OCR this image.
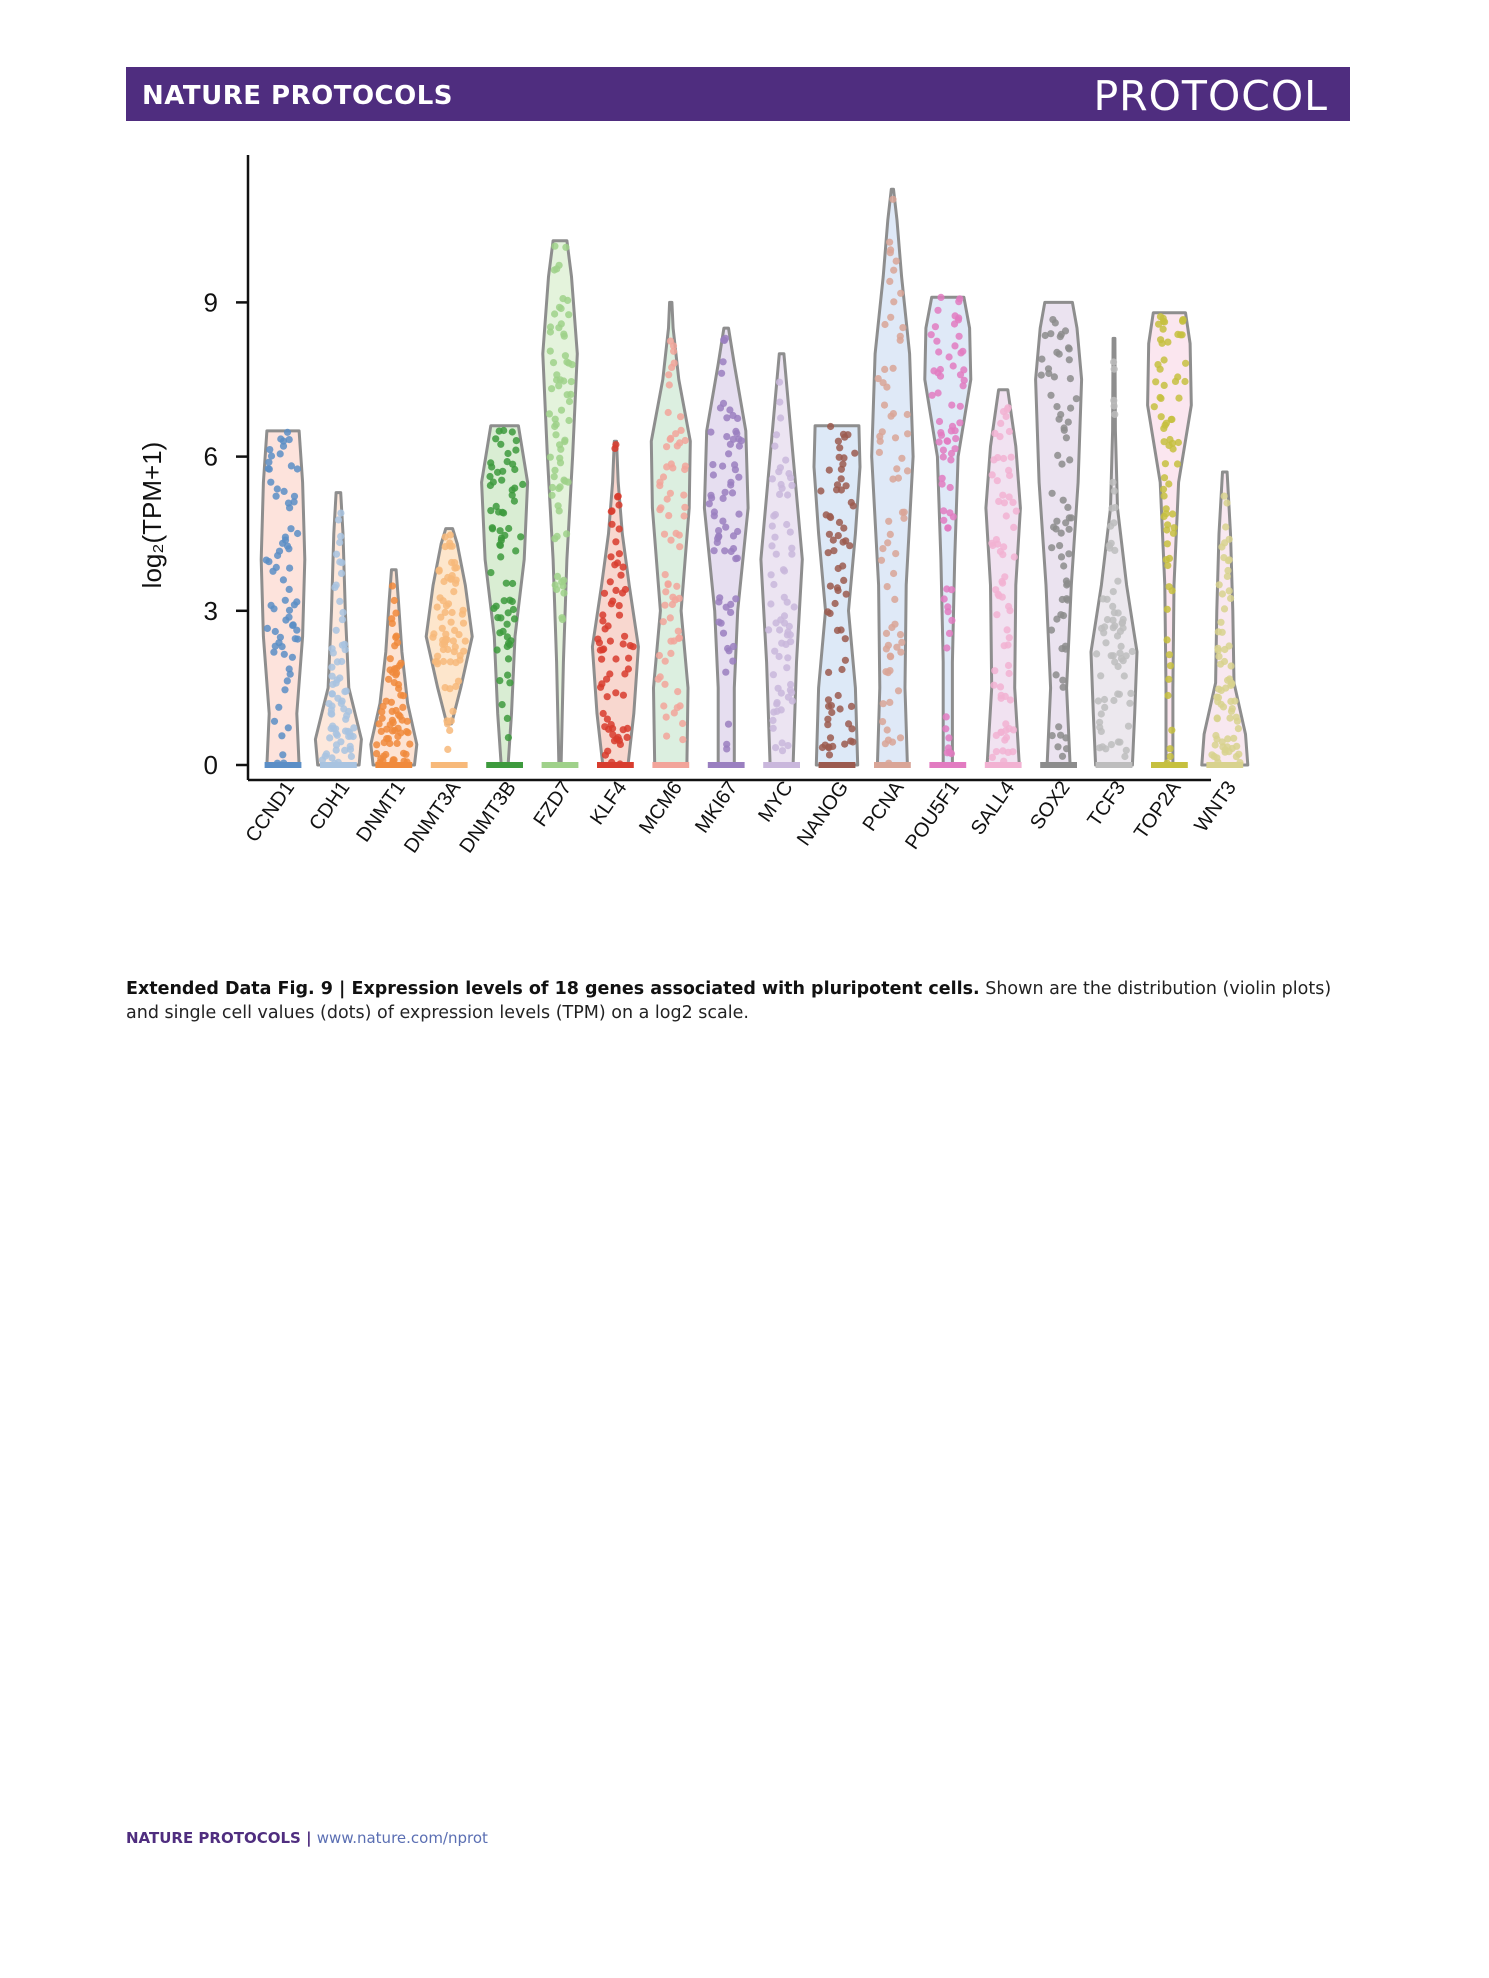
NATURE PROTOCOLS	PROTOCOL
CCND1 CDH1
DNMT1
DNMT3A
DNMT3B FZD7 KLF4 MCM6 MKI67 MYC
NANOG PCNA
POU5F1 SALL4 SOX2 TCF3 TOP2A WNT3
0
3
6
9
log₂(TPM+1)
Extended Data Fig. 9 | Expression levels of 18 genes associated with pluripotent cells. Shown are the distribution (violin plots) and single cell values (dots) of expression levels (TPM) on a log2 scale.
NATURE PROTOCOLS | www.nature.com/nprot
